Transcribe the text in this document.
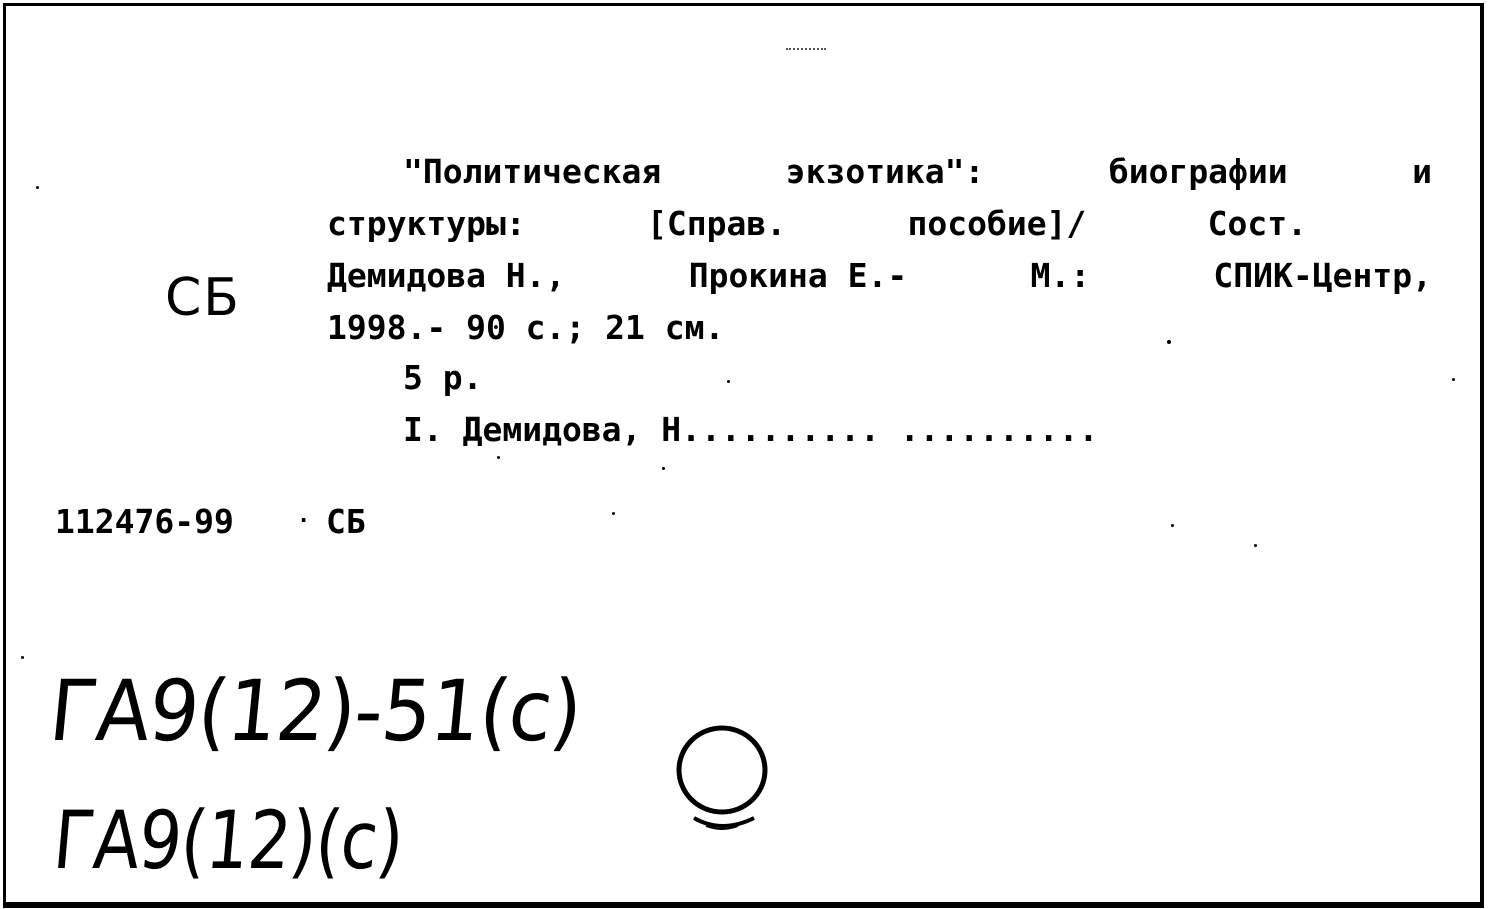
СБ
"Политическая	экзотика":	биографии	и
структуры:	[Справ.	пособие]/	Сост.
Демидова Н.,	Прокина Е.-	М.:	СПИК-Центр,
1998.- 90 с.; 21 см.
5 р.
I. Демидова, Н.......... ..........
112476-99	· СБ
ГА9(12)-51(с)
ГА9(12)(с)
